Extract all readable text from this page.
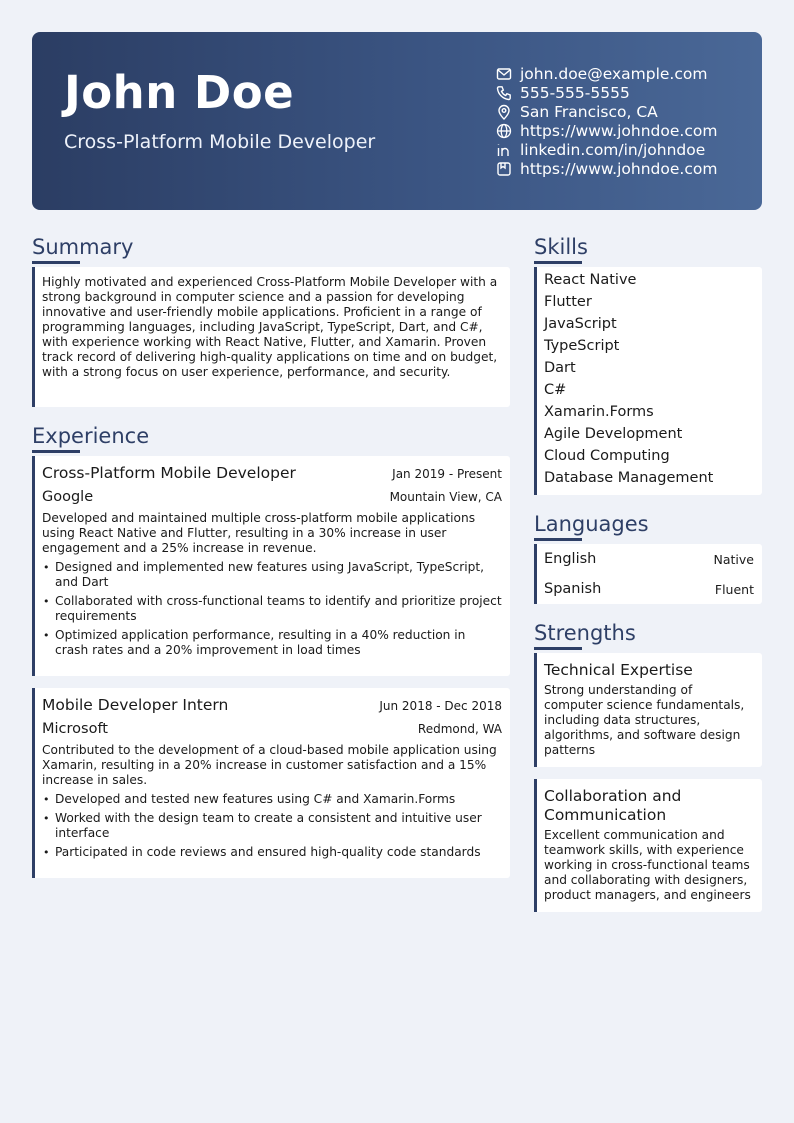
John Doe
Cross-Platform Mobile Developer
john.doe@example.com
555-555-5555
San Francisco, CA
https://www.johndoe.com
linkedin.com/in/johndoe
https://www.johndoe.com
Summary
Highly motivated and experienced Cross-Platform Mobile Developer with a strong background in computer science and a passion for developing innovative and user-friendly mobile applications. Proficient in a range of programming languages, including JavaScript, TypeScript, Dart, and C#, with experience working with React Native, Flutter, and Xamarin. Proven track record of delivering high-quality applications on time and on budget, with a strong focus on user experience, performance, and security.
Experience
Cross-Platform Mobile Developer	Jan 2019 - Present
Google	Mountain View, CA
Developed and maintained multiple cross-platform mobile applications using React Native and Flutter, resulting in a 30% increase in user engagement and a 25% increase in revenue.
• Designed and implemented new features using JavaScript, TypeScript, and Dart
• Collaborated with cross-functional teams to identify and prioritize project requirements
• Optimized application performance, resulting in a 40% reduction in crash rates and a 20% improvement in load times
Mobile Developer Intern	Jun 2018 - Dec 2018
Microsoft	Redmond, WA
Contributed to the development of a cloud-based mobile application using Xamarin, resulting in a 20% increase in customer satisfaction and a 15% increase in sales.
• Developed and tested new features using C# and Xamarin.Forms
• Worked with the design team to create a consistent and intuitive user interface
• Participated in code reviews and ensured high-quality code standards
Skills
React Native
Flutter
JavaScript
TypeScript
Dart
C#
Xamarin.Forms
Agile Development
Cloud Computing
Database Management
Languages
English	Native
Spanish	Fluent
Strengths
Technical Expertise
Strong understanding of computer science fundamentals, including data structures, algorithms, and software design patterns
Collaboration and Communication
Excellent communication and teamwork skills, with experience working in cross-functional teams and collaborating with designers, product managers, and engineers
